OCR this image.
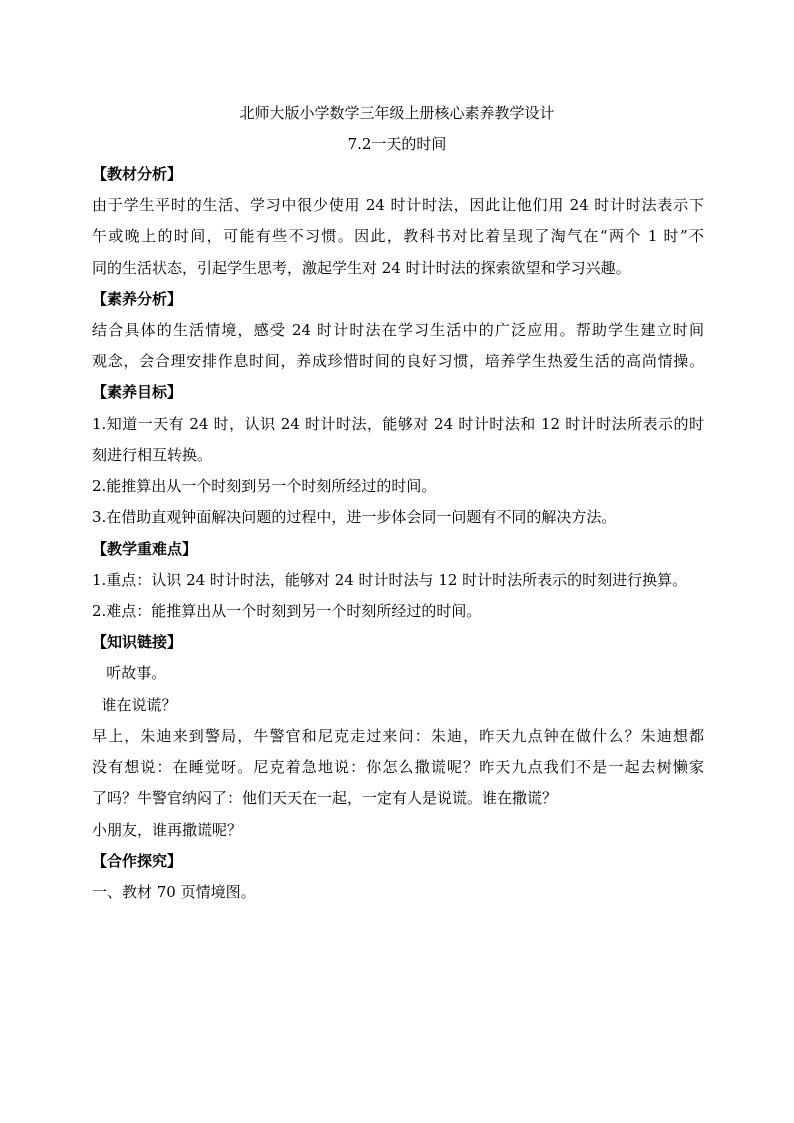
北师大版小学数学三年级上册核心素养教学设计
7.2一天的时间
【教材分析】
由于学生平时的生活、学习中很少使用 24 时计时法，因此让他们用 24 时计时法表示下
午或晚上的时间，可能有些不习惯。因此，教科书对比着呈现了淘气在“两个 1 时”不
同的生活状态，引起学生思考，激起学生对 24 时计时法的探索欲望和学习兴趣。
【素养分析】
结合具体的生活情境，感受 24 时计时法在学习生活中的广泛应用。帮助学生建立时间
观念，会合理安排作息时间，养成珍惜时间的良好习惯，培养学生热爱生活的高尚情操。
【素养目标】
1.知道一天有 24 时，认识 24 时计时法，能够对 24 时计时法和 12 时计时法所表示的时
刻进行相互转换。
2.能推算出从一个时刻到另一个时刻所经过的时间。
3.在借助直观钟面解决问题的过程中，进一步体会同一问题有不同的解决方法。
【教学重难点】
1.重点：认识 24 时计时法，能够对 24 时计时法与 12 时计时法所表示的时刻进行换算。
2.难点：能推算出从一个时刻到另一个时刻所经过的时间。
【知识链接】
听故事。
谁在说谎？
早上，朱迪来到警局，牛警官和尼克走过来问：朱迪，昨天九点钟在做什么？朱迪想都
没有想说：在睡觉呀。尼克着急地说：你怎么撒谎呢？昨天九点我们不是一起去树懒家
了吗？牛警官纳闷了：他们天天在一起，一定有人是说谎。谁在撒谎？
小朋友，谁再撒谎呢？
【合作探究】
一、教材 70 页情境图。
